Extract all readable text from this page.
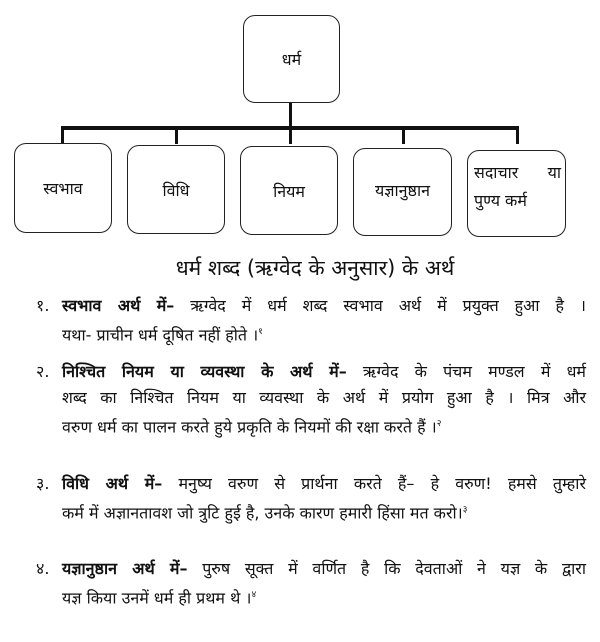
धर्म
स्वभाव	विधि	नियम	यज्ञानुष्ठान
सदाचार या
पुण्य कर्म
धर्म शब्द (ऋग्वेद के अनुसार) के अर्थ
१. स्वभाव अर्थ में– ऋग्वेद में धर्म शब्द स्वभाव अर्थ में प्रयुक्त हुआ है ।
यथा- प्राचीन धर्म दूषित नहीं होते ।$^१$
२. निश्चित नियम या व्यवस्था के अर्थ में– ऋग्वेद के पंचम मण्डल में धर्म
शब्द का निश्चित नियम या व्यवस्था के अर्थ में प्रयोग हुआ है । मित्र और
वरुण धर्म का पालन करते हुये प्रकृति के नियमों की रक्षा करते हैं ।$^२$
३. विधि अर्थ में– मनुष्य वरुण से प्रार्थना करते हैं– हे वरुण! हमसे तुम्हारे
कर्म में अज्ञानतावश जो त्रुटि हुई है, उनके कारण हमारी हिंसा मत करो।$^३$
४. यज्ञानुष्ठान अर्थ में– पुरुष सूक्त में वर्णित है कि देवताओं ने यज्ञ के द्वारा
यज्ञ किया उनमें धर्म ही प्रथम थे ।$^४$
